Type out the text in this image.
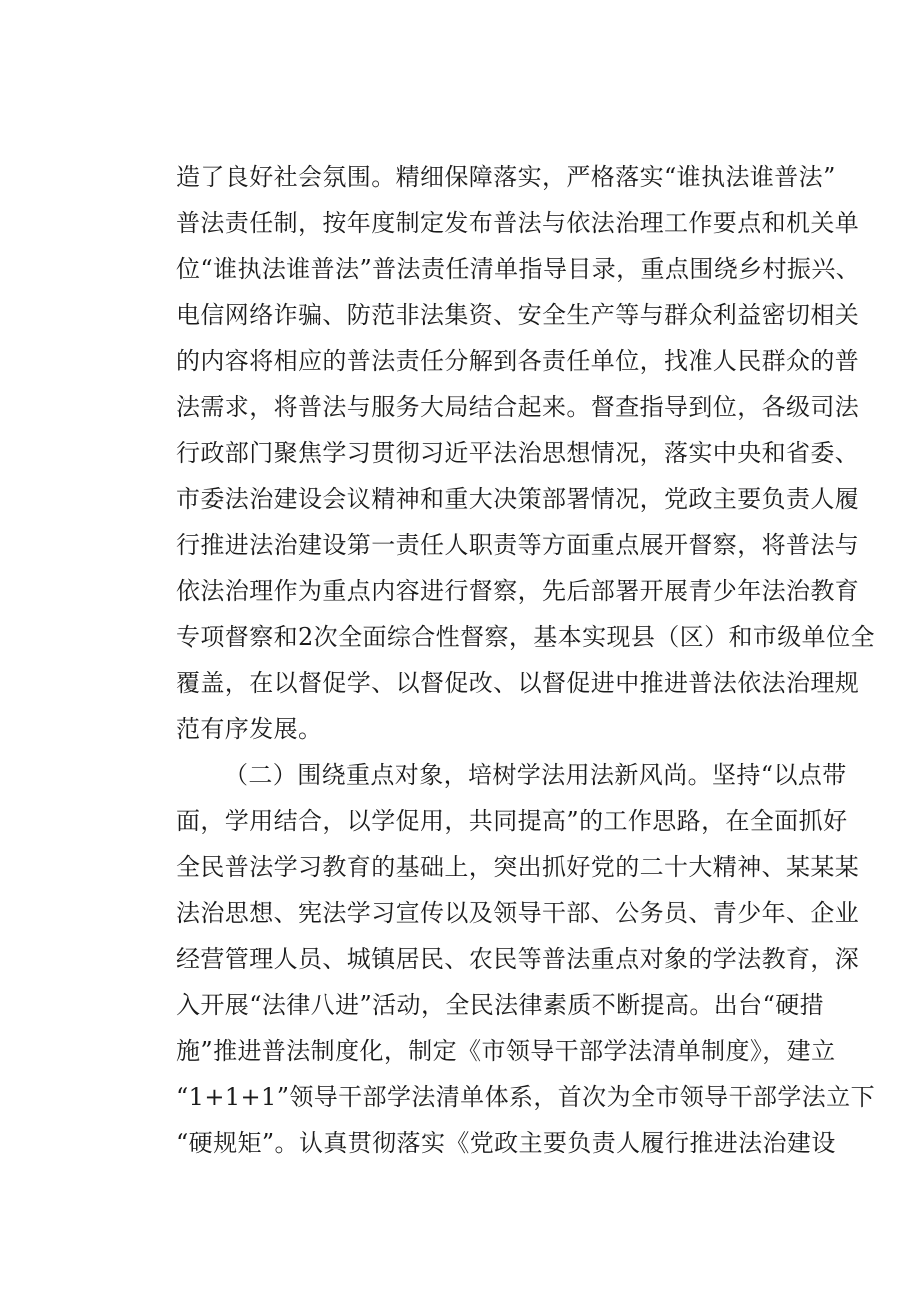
造了良好社会氛围。精细保障落实，严格落实“谁执法谁普法”
普法责任制，按年度制定发布普法与依法治理工作要点和机关单
位“谁执法谁普法”普法责任清单指导目录，重点围绕乡村振兴、
电信网络诈骗、防范非法集资、安全生产等与群众利益密切相关
的内容将相应的普法责任分解到各责任单位，找准人民群众的普
法需求，将普法与服务大局结合起来。督查指导到位，各级司法
行政部门聚焦学习贯彻习近平法治思想情况，落实中央和省委、
市委法治建设会议精神和重大决策部署情况，党政主要负责人履
行推进法治建设第一责任人职责等方面重点展开督察，将普法与
依法治理作为重点内容进行督察，先后部署开展青少年法治教育
专项督察和2次全面综合性督察，基本实现县（区）和市级单位全
覆盖，在以督促学、以督促改、以督促进中推进普法依法治理规
范有序发展。
（二）围绕重点对象，培树学法用法新风尚。坚持“以点带
面，学用结合，以学促用，共同提高”的工作思路，在全面抓好
全民普法学习教育的基础上，突出抓好党的二十大精神、某某某
法治思想、宪法学习宣传以及领导干部、公务员、青少年、企业
经营管理人员、城镇居民、农民等普法重点对象的学法教育，深
入开展“法律八进”活动，全民法律素质不断提高。出台“硬措
施”推进普法制度化，制定《市领导干部学法清单制度》，建立
“1+1+1”领导干部学法清单体系，首次为全市领导干部学法立下
“硬规矩”。认真贯彻落实《党政主要负责人履行推进法治建设
